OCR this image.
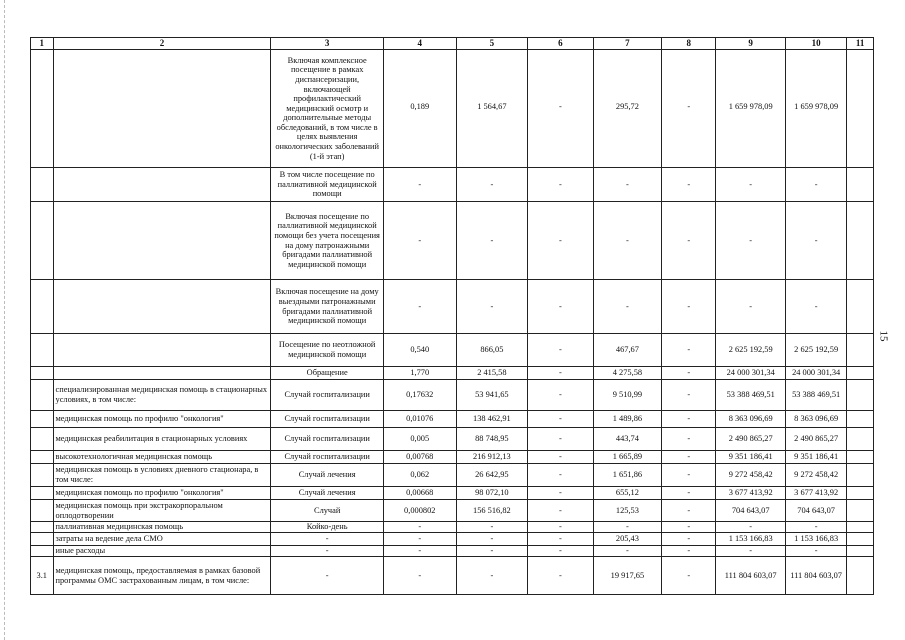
1	2	3	4	5	6	7	8	9	10	11
		Включая комплексное посещение в рамках диспансеризации, включающей профилактический медицинский осмотр и дополнительные методы обследований, в том числе в целях выявления онкологических заболеваний (1-й этап)	0,189	1 564,67	-	295,72	-	1 659 978,09	1 659 978,09	
		В том числе посещение по паллиативной медицинской помощи	-	-	-	-	-	-	-	
		Включая посещение по паллиативной медицинской помощи без учета посещения на дому патронажными бригадами паллиативной медицинской помощи	-	-	-	-	-	-	-	
		Включая посещение на дому выездными патронажными бригадами паллиативной медицинской помощи	-	-	-	-	-	-	-	
		Посещение по неотложной медицинской помощи	0,540	866,05	-	467,67	-	2 625 192,59	2 625 192,59	
		Обращение	1,770	2 415,58	-	4 275,58	-	24 000 301,34	24 000 301,34	
	специализированная медицинская помощь в стационарных условиях, в том числе:	Случай госпитализации	0,17632	53 941,65	-	9 510,99	-	53 388 469,51	53 388 469,51	
	медицинская помощь по профилю "онкология"	Случай госпитализации	0,01076	138 462,91	-	1 489,86	-	8 363 096,69	8 363 096,69	
	медицинская реабилитация в стационарных условиях	Случай госпитализации	0,005	88 748,95	-	443,74	-	2 490 865,27	2 490 865,27	
	высокотехнологичная медицинская помощь	Случай госпитализации	0,00768	216 912,13	-	1 665,89	-	9 351 186,41	9 351 186,41	
	медицинская помощь в условиях дневного стационара, в том числе:	Случай лечения	0,062	26 642,95	-	1 651,86	-	9 272 458,42	9 272 458,42	
	медицинская помощь по профилю "онкология"	Случай лечения	0,00668	98 072,10	-	655,12	-	3 677 413,92	3 677 413,92	
	медицинская помощь при экстракорпоральном оплодотворении	Случай	0,000802	156 516,82	-	125,53	-	704 643,07	704 643,07	
	паллиативная медицинская помощь	Койко-день	-	-	-	-	-	-	-	
	затраты на ведение дела СМО	-	-	-	-	205,43	-	1 153 166,83	1 153 166,83	
	иные расходы	-	-	-	-	-	-	-	-	
3.1	медицинская помощь, предоставляемая в рамках базовой программы ОМС застрахованным лицам, в том числе:	-	-	-	-	19 917,65	-	111 804 603,07	111 804 603,07	
15
